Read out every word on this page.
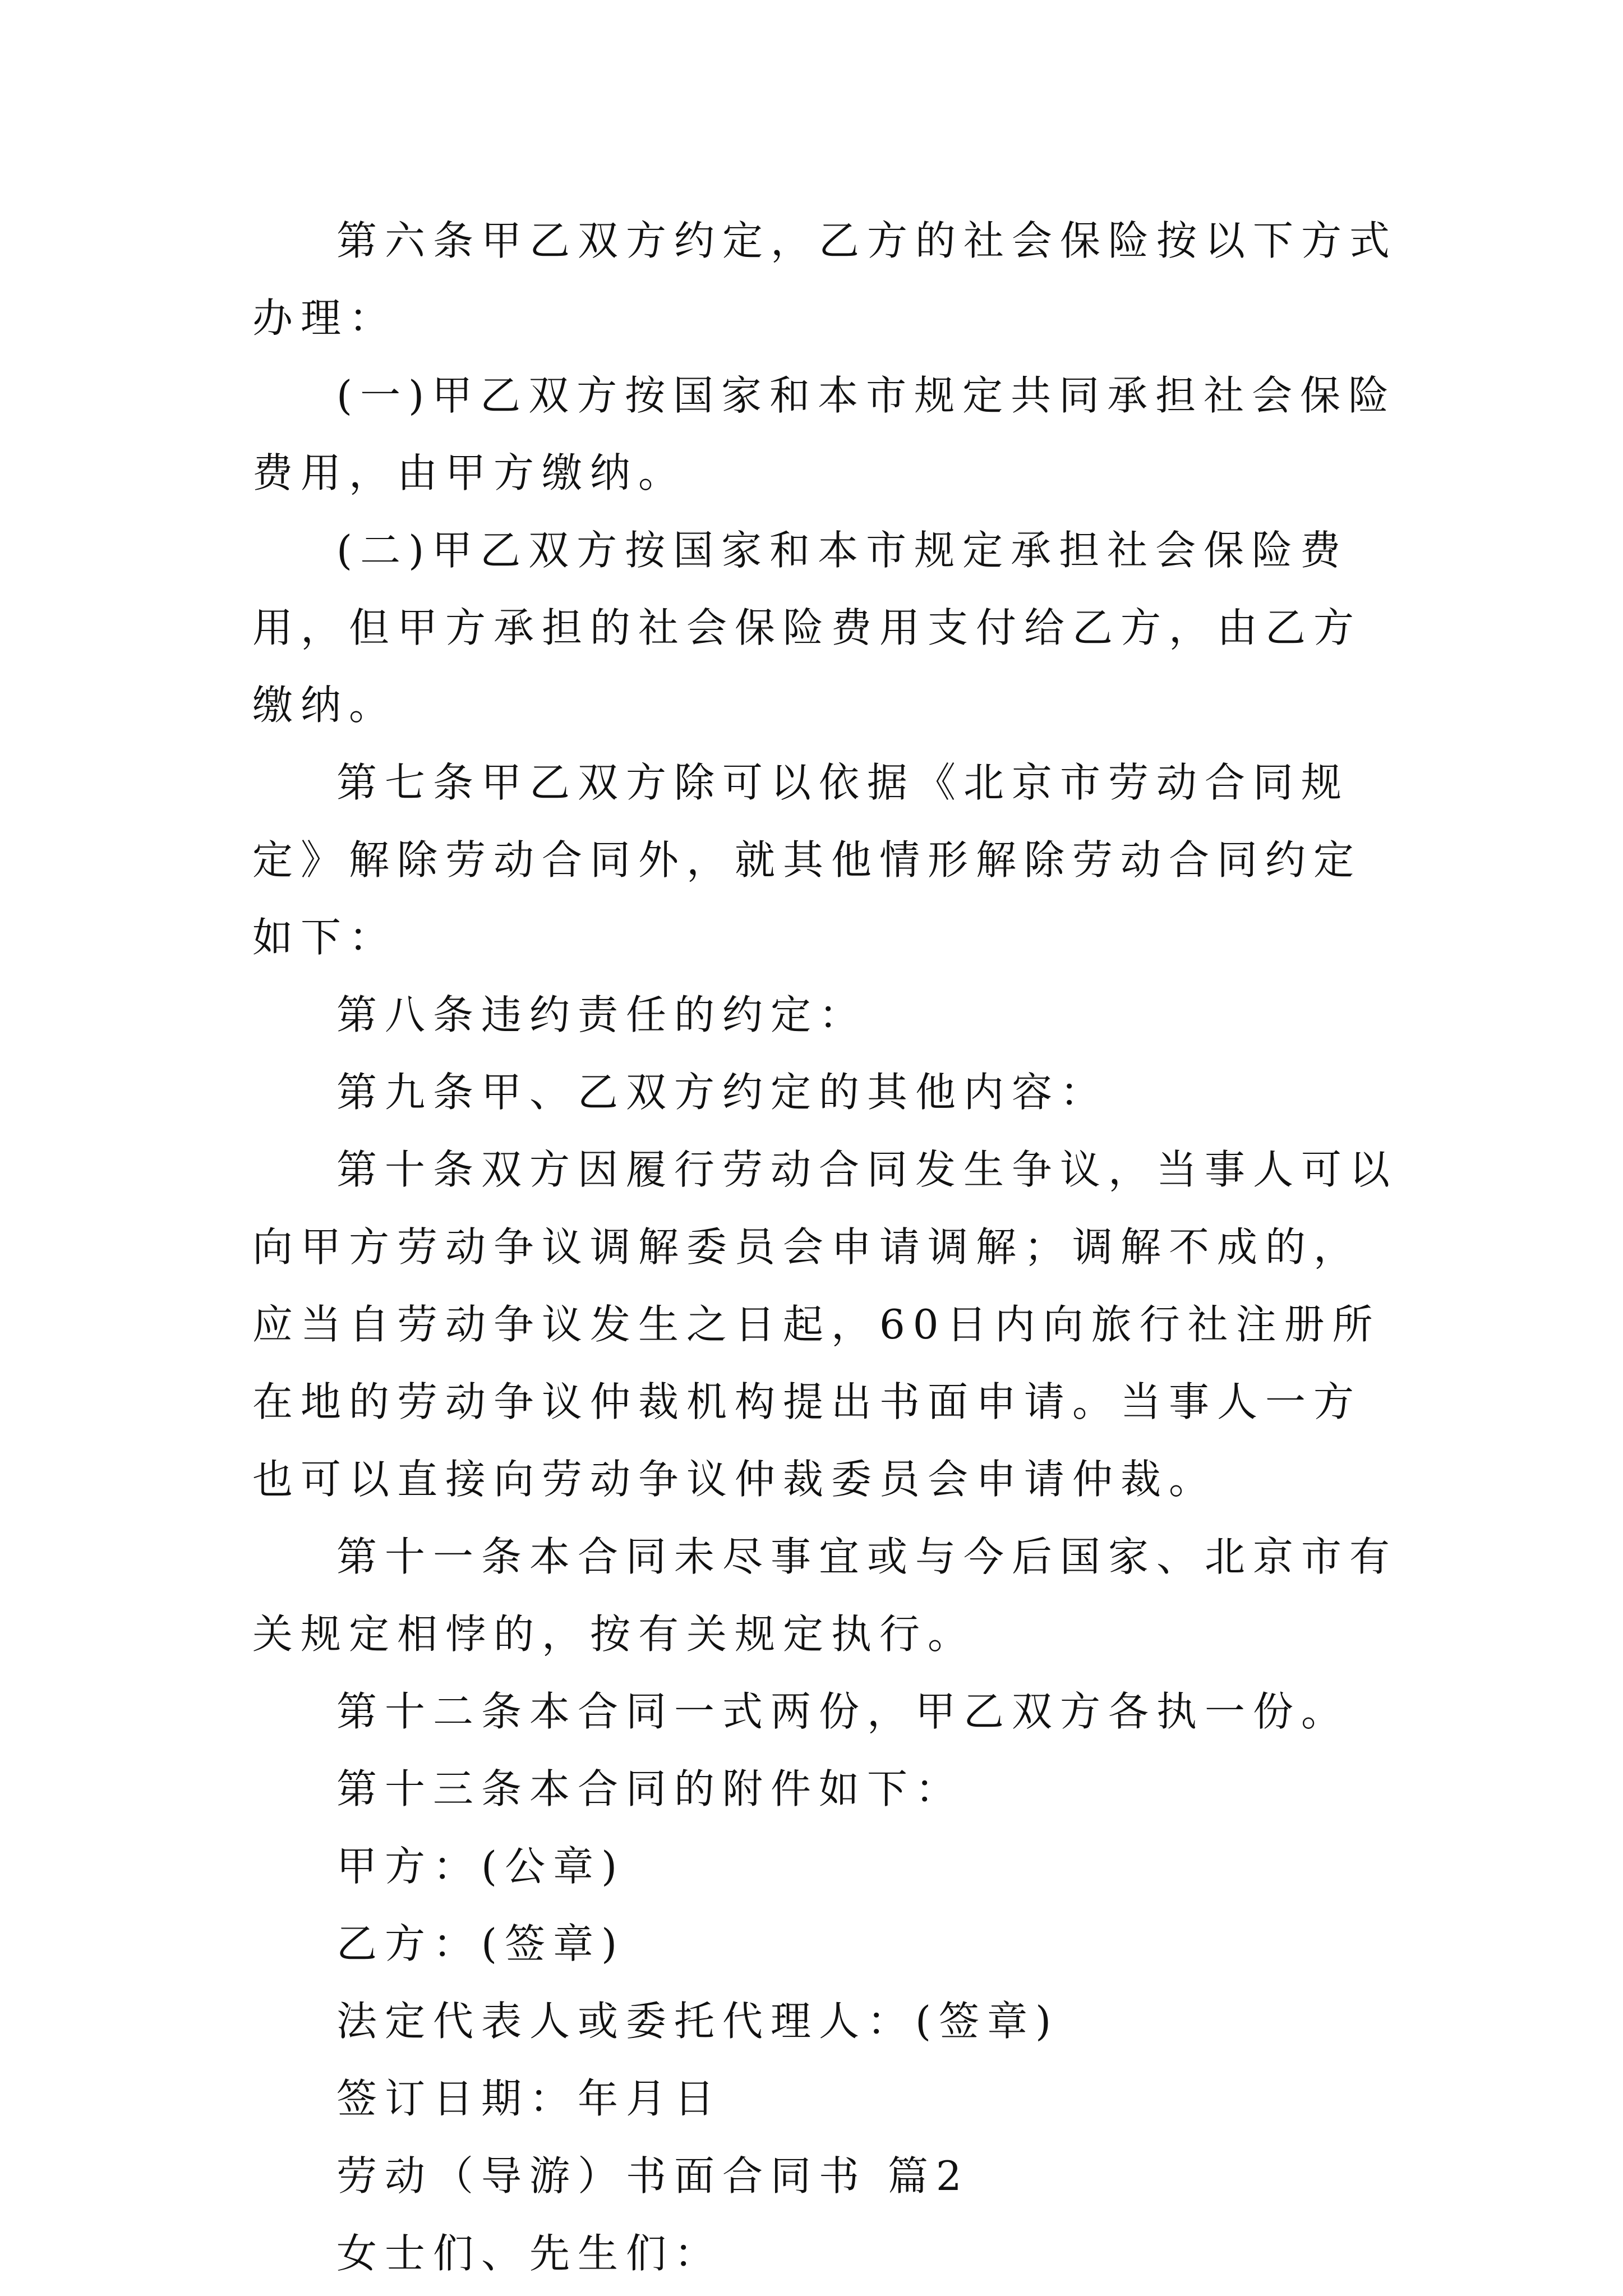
第六条甲乙双方约定，乙方的社会保险按以下方式办理：

(一)甲乙双方按国家和本市规定共同承担社会保险费用，由甲方缴纳。

(二)甲乙双方按国家和本市规定承担社会保险费用，但甲方承担的社会保险费用支付给乙方，由乙方缴纳。

第七条甲乙双方除可以依据《北京市劳动合同规定》解除劳动合同外，就其他情形解除劳动合同约定如下：

第八条违约责任的约定：

第九条甲、乙双方约定的其他内容：

第十条双方因履行劳动合同发生争议，当事人可以向甲方劳动争议调解委员会申请调解；调解不成的，应当自劳动争议发生之日起，60日内向旅行社注册所在地的劳动争议仲裁机构提出书面申请。当事人一方也可以直接向劳动争议仲裁委员会申请仲裁。

第十一条本合同未尽事宜或与今后国家、北京市有关规定相悖的，按有关规定执行。

第十二条本合同一式两份，甲乙双方各执一份。

第十三条本合同的附件如下：

甲方：(公章)

乙方：(签章)

法定代表人或委托代理人：(签章)

签订日期：年月日

劳动（导游）书面合同书 篇2

女士们、先生们：
